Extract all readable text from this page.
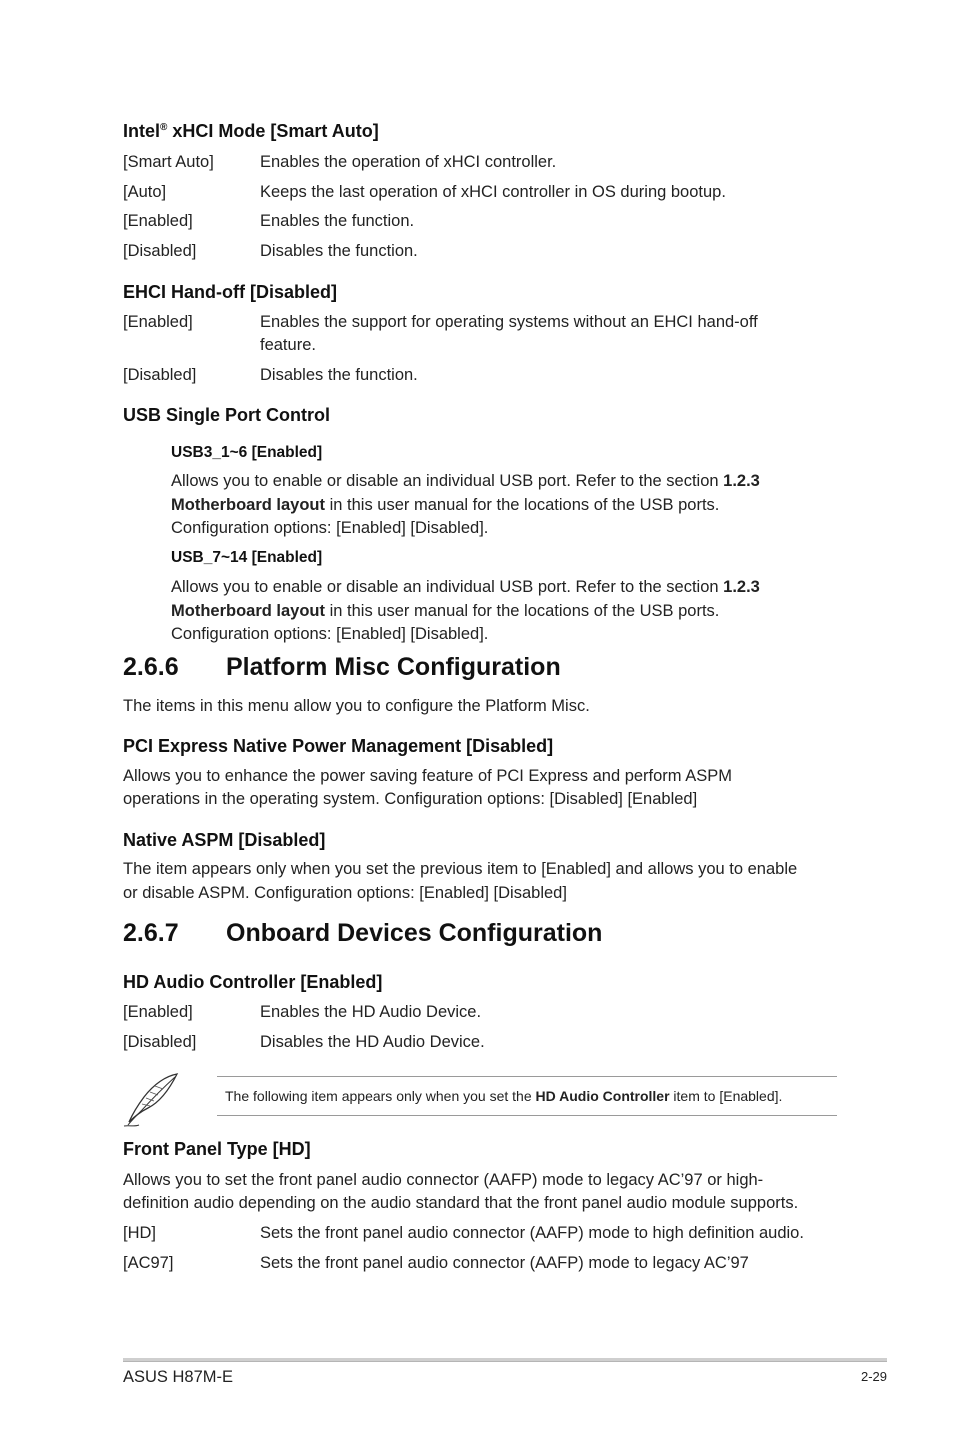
Intel® xHCI Mode [Smart Auto]
[Smart Auto]	Enables the operation of xHCI controller.
[Auto]	Keeps the last operation of xHCI controller in OS during bootup.
[Enabled]	Enables the function.
[Disabled]	Disables the function.
EHCI Hand-off [Disabled]
[Enabled]	Enables the support for operating systems without an EHCI hand-off
feature.
[Disabled]	Disables the function.
USB Single Port Control
USB3_1~6 [Enabled]
Allows you to enable or disable an individual USB port. Refer to the section 1.2.3
Motherboard layout in this user manual for the locations of the USB ports.
Configuration options: [Enabled] [Disabled].
USB_7~14 [Enabled]
Allows you to enable or disable an individual USB port. Refer to the section 1.2.3
Motherboard layout in this user manual for the locations of the USB ports.
Configuration options: [Enabled] [Disabled].
2.6.6 Platform Misc Configuration
The items in this menu allow you to configure the Platform Misc.
PCI Express Native Power Management [Disabled]
Allows you to enhance the power saving feature of PCI Express and perform ASPM
operations in the operating system. Configuration options: [Disabled] [Enabled]
Native ASPM [Disabled]
The item appears only when you set the previous item to [Enabled] and allows you to enable
or disable ASPM. Configuration options: [Enabled] [Disabled]
2.6.7 Onboard Devices Configuration
HD Audio Controller [Enabled]
[Enabled]	Enables the HD Audio Device.
[Disabled]	Disables the HD Audio Device.
The following item appears only when you set the HD Audio Controller item to [Enabled].
Front Panel Type [HD]
Allows you to set the front panel audio connector (AAFP) mode to legacy AC’97 or high-
definition audio depending on the audio standard that the front panel audio module supports.
[HD]	Sets the front panel audio connector (AAFP) mode to high definition audio.
[AC97]	Sets the front panel audio connector (AAFP) mode to legacy AC’97
ASUS H87M-E	2-29
